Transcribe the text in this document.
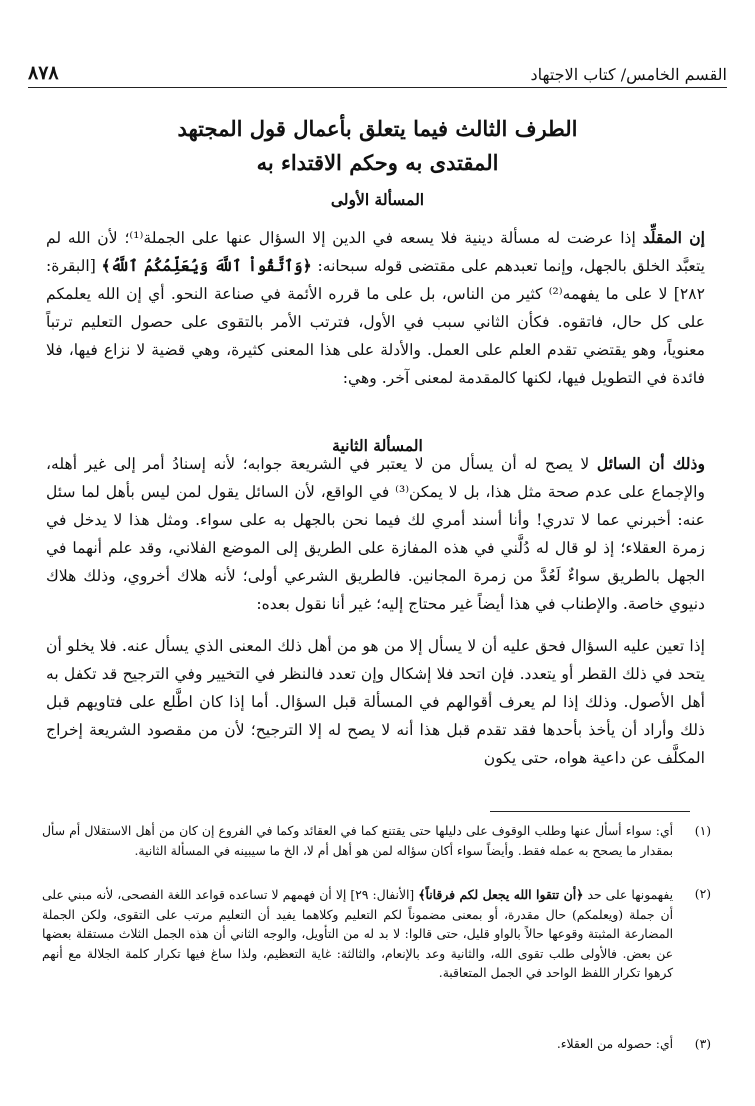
القسم الخامس/ كتاب الاجتهاد
٨٧٨
الطرف الثالث فيما يتعلق بأعمال قول المجتهد
المقتدى به وحكم الاقتداء به
المسألة الأولى

إن المقلِّد إذا عرضت له مسألة دينية فلا يسعه في الدين إلا السؤال عنها على الجملة⁽¹⁾؛ لأن الله لم يتعبَّد الخلق بالجهل، وإنما تعبدهم على مقتضى قوله سبحانه: ﴿وَٱتَّقُواْ ٱللَّهَ وَيُعَلِّمُكُمُ ٱللَّهُ﴾ [البقرة: ٢٨٢] لا على ما يفهمه⁽²⁾ كثير من الناس، بل على ما قرره الأئمة في صناعة النحو. أي إن الله يعلمكم على كل حال، فاتقوه. فكأن الثاني سبب في الأول، فترتب الأمر بالتقوى على حصول التعليم ترتباً معنوياً، وهو يقتضي تقدم العلم على العمل. والأدلة على هذا المعنى كثيرة، وهي قضية لا نزاع فيها، فلا فائدة في التطويل فيها، لكنها كالمقدمة لمعنى آخر. وهي:

المسألة الثانية

وذلك أن السائل لا يصح له أن يسأل من لا يعتبر في الشريعة جوابه؛ لأنه إسنادُ أمر إلى غير أهله، والإجماع على عدم صحة مثل هذا، بل لا يمكن⁽³⁾ في الواقع، لأن السائل يقول لمن ليس بأهل لما سئل عنه: أخبرني عما لا تدري! وأنا أسند أمري لك فيما نحن بالجهل به على سواء. ومثل هذا لا يدخل في زمرة العقلاء؛ إذ لو قال له دُلَّني في هذه المفازة على الطريق إلى الموضع الفلاني، وقد علم أنهما في الجهل بالطريق سواءٌ لَعُدَّ من زمرة المجانين. فالطريق الشرعي أولى؛ لأنه هلاك أخروي، وذلك هلاك دنيوي خاصة. والإطناب في هذا أيضاً غير محتاج إليه؛ غير أنا نقول بعده:

إذا تعين عليه السؤال فحق عليه أن لا يسأل إلا من هو من أهل ذلك المعنى الذي يسأل عنه. فلا يخلو أن يتحد في ذلك القطر أو يتعدد. فإن اتحد فلا إشكال وإن تعدد فالنظر في التخيير وفي الترجيح قد تكفل به أهل الأصول. وذلك إذا لم يعرف أقوالهم في المسألة قبل السؤال. أما إذا كان اطَّلع على فتاويهم قبل ذلك وأراد أن يأخذ بأحدها فقد تقدم قبل هذا أنه لا يصح له إلا الترجيح؛ لأن من مقصود الشريعة إخراج المكلَّف عن داعية هواه، حتى يكون

(١)
أي: سواء أسأل عنها وطلب الوقوف على دليلها حتى يقتنع كما في العقائد وكما في الفروع إن كان من أهل الاستقلال أم سأل بمقدار ما يصحح به عمله فقط. وأيضاً سواء أكان سؤاله لمن هو أهل أم لا، الخ ما سيبينه في المسألة الثانية.
(٢)
يفهمونها على حد ﴿أن تتقوا الله يجعل لكم فرقاناً﴾ [الأنفال: ٢٩] إلا أن فهمهم لا تساعده قواعد اللغة الفصحى، لأنه مبني على أن جملة (ويعلمكم) حال مقدرة، أو بمعنى مضموناً لكم التعليم وكلاهما يفيد أن التعليم مرتب على التقوى، ولكن الجملة المضارعة المثبتة وقوعها حالاً بالواو قليل، حتى قالوا: لا بد له من التأويل، والوجه الثاني أن هذه الجمل الثلاث مستقلة بعضها عن بعض. فالأولى طلب تقوى الله، والثانية وعد بالإنعام، والثالثة: غاية التعظيم، ولذا ساغ فيها تكرار كلمة الجلالة مع أنهم كرهوا تكرار اللفظ الواحد في الجمل المتعاقبة.
(٣)
أي: حصوله من العقلاء.
